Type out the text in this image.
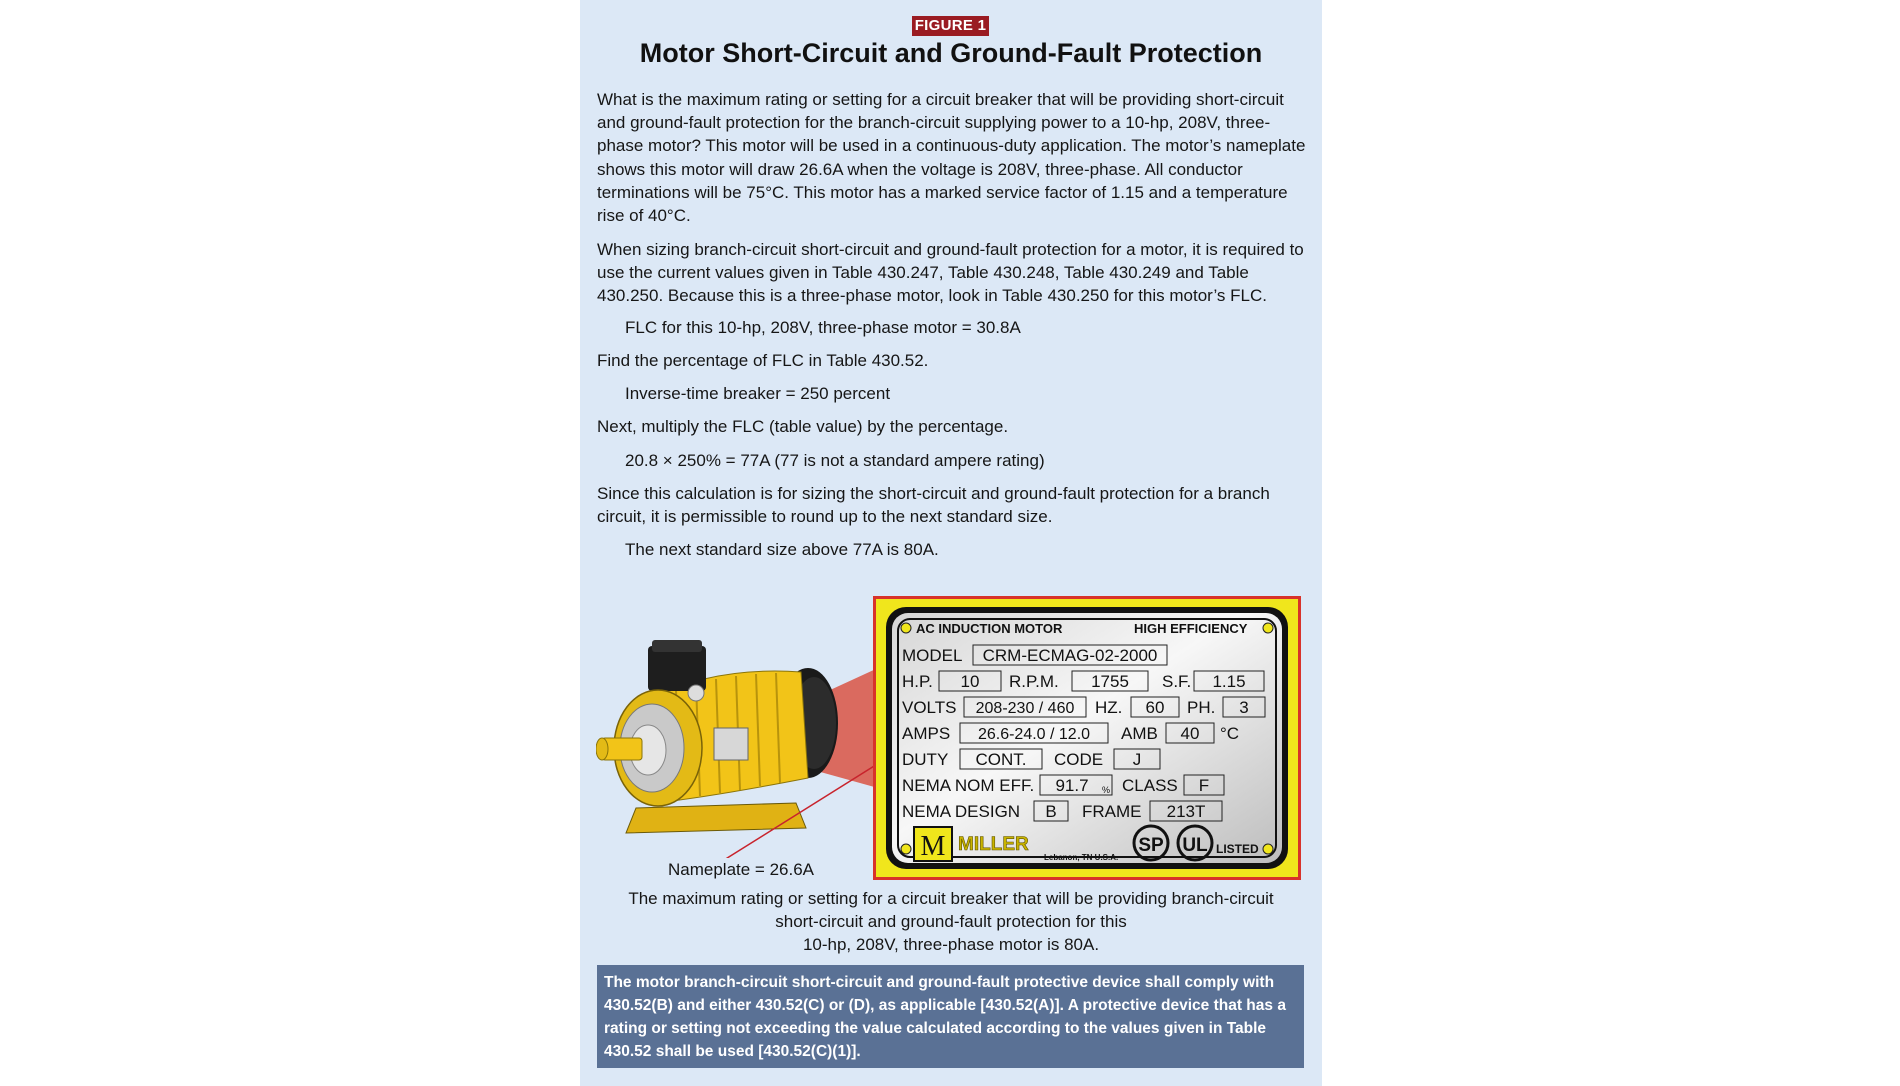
FIGURE 1
Motor Short-Circuit and Ground-Fault Protection

What is the maximum rating or setting for a circuit breaker that will be providing short-circuit and ground-fault protection for the branch-circuit supplying power to a 10-hp, 208V, three-phase motor? This motor will be used in a continuous-duty application. The motor’s nameplate shows this motor will draw 26.6A when the voltage is 208V, three-phase. All conductor terminations will be 75°C. This motor has a marked service factor of 1.15 and a temperature rise of 40°C.

When sizing branch-circuit short-circuit and ground-fault protection for a motor, it is required to use the current values given in Table 430.247, Table 430.248, Table 430.249 and Table 430.250. Because this is a three-phase motor, look in Table 430.250 for this motor’s FLC.

FLC for this 10-hp, 208V, three-phase motor = 30.8A

Find the percentage of FLC in Table 430.52.

Inverse-time breaker = 250 percent

Next, multiply the FLC (table value) by the percentage.

20.8 × 250% = 77A (77 is not a standard ampere rating)

Since this calculation is for sizing the short-circuit and ground-fault protection for a branch circuit, it is permissible to round up to the next standard size.

The next standard size above 77A is 80A.

Nameplate = 26.6A
AC INDUCTION MOTOR	HIGH EFFICIENCY
MODEL CRM-ECMAG-02-2000
H.P. 10 R.P.M. 1755 S.F. 1.15
VOLTS 208-230 / 460 HZ. 60 PH. 3
AMPS 26.6-24.0 / 12.0 AMB 40 °C
DUTY CONT. CODE J
NEMA NOM EFF. 91.7 % CLASS F
NEMA DESIGN B FRAME 213T
M MILLER
Lebanon, TN U.S.A.
SP UL LISTED
The maximum rating or setting for a circuit breaker that will be providing branch-circuit
short-circuit and ground-fault protection for this
10-hp, 208V, three-phase motor is 80A.
The motor branch-circuit short-circuit and ground-fault protective device shall comply with 430.52(B) and either 430.52(C) or (D), as applicable [430.52(A)]. A protective device that has a rating or setting not exceeding the value calculated according to the values given in Table 430.52 shall be used [430.52(C)(1)].
